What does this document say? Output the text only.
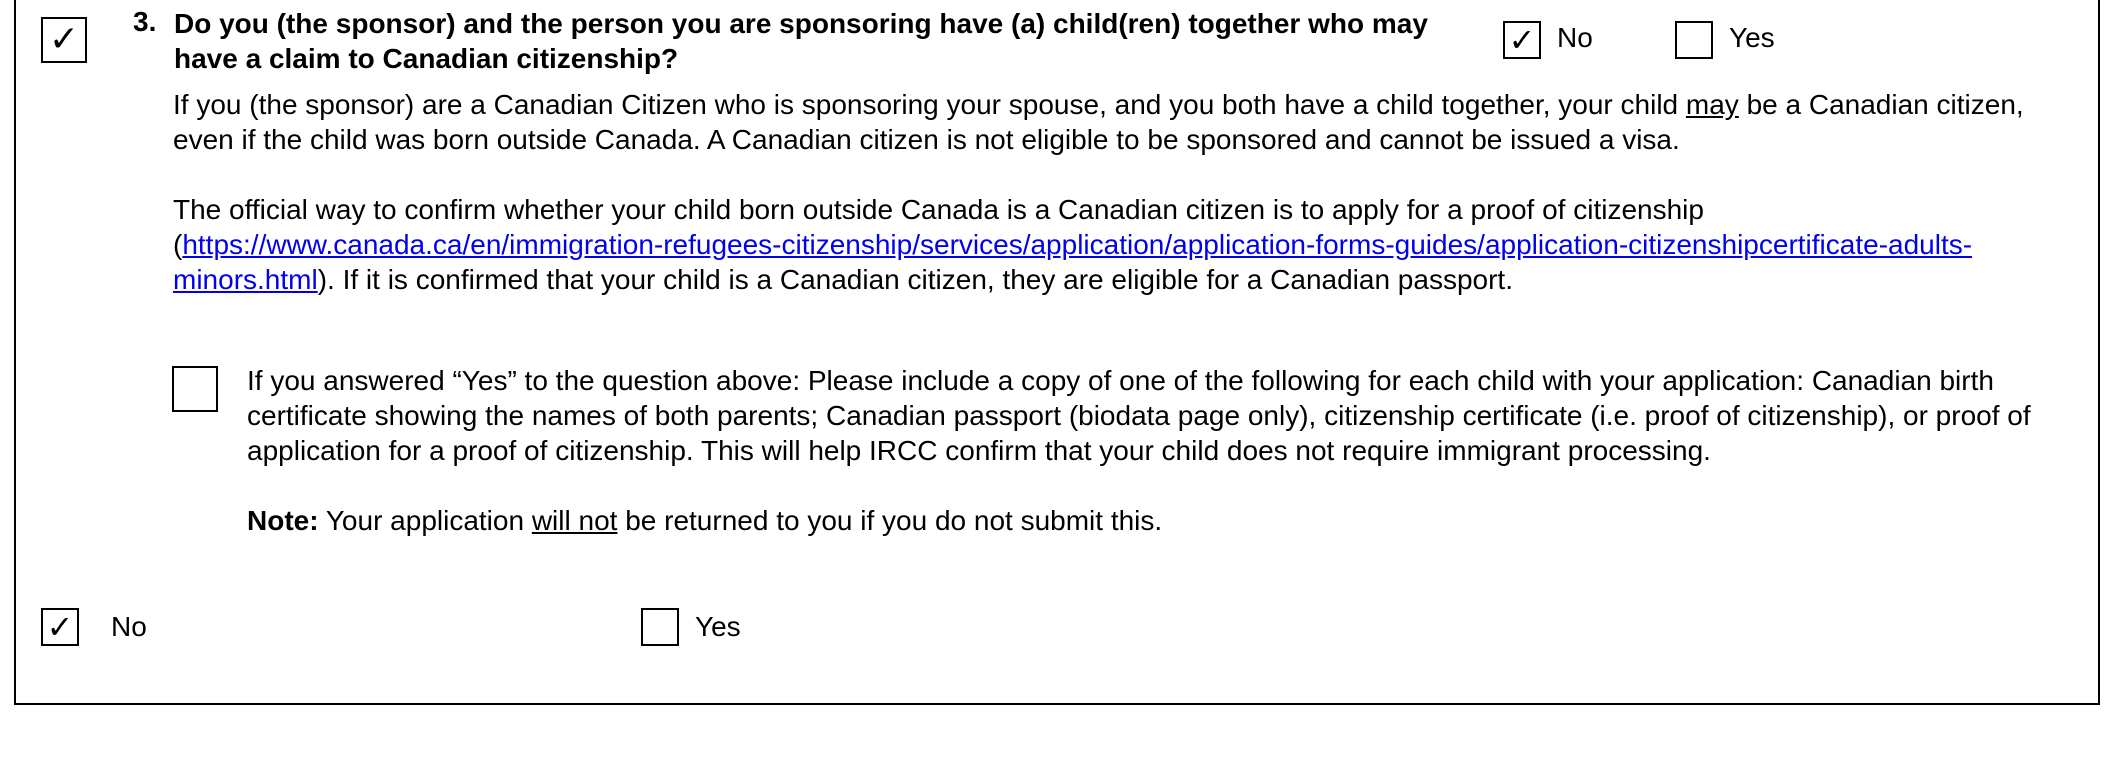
✓ 3. Do you (the sponsor) and the person you are sponsoring have (a) child(ren) together who may have a claim to Canadian citizenship?	✓ No	Yes
If you (the sponsor) are a Canadian Citizen who is sponsoring your spouse, and you both have a child together, your child may be a Canadian citizen, even if the child was born outside Canada. A Canadian citizen is not eligible to be sponsored and cannot be issued a visa.
The official way to confirm whether your child born outside Canada is a Canadian citizen is to apply for a proof of citizenship (https://www.canada.ca/en/immigration-refugees-citizenship/services/application/application-forms-guides/application-citizenshipcertificate-adults-minors.html). If it is confirmed that your child is a Canadian citizen, they are eligible for a Canadian passport.
If you answered “Yes” to the question above: Please include a copy of one of the following for each child with your application: Canadian birth certificate showing the names of both parents; Canadian passport (biodata page only), citizenship certificate (i.e. proof of citizenship), or proof of application for a proof of citizenship. This will help IRCC confirm that your child does not require immigrant processing.
Note: Your application will not be returned to you if you do not submit this.
✓ No	Yes
